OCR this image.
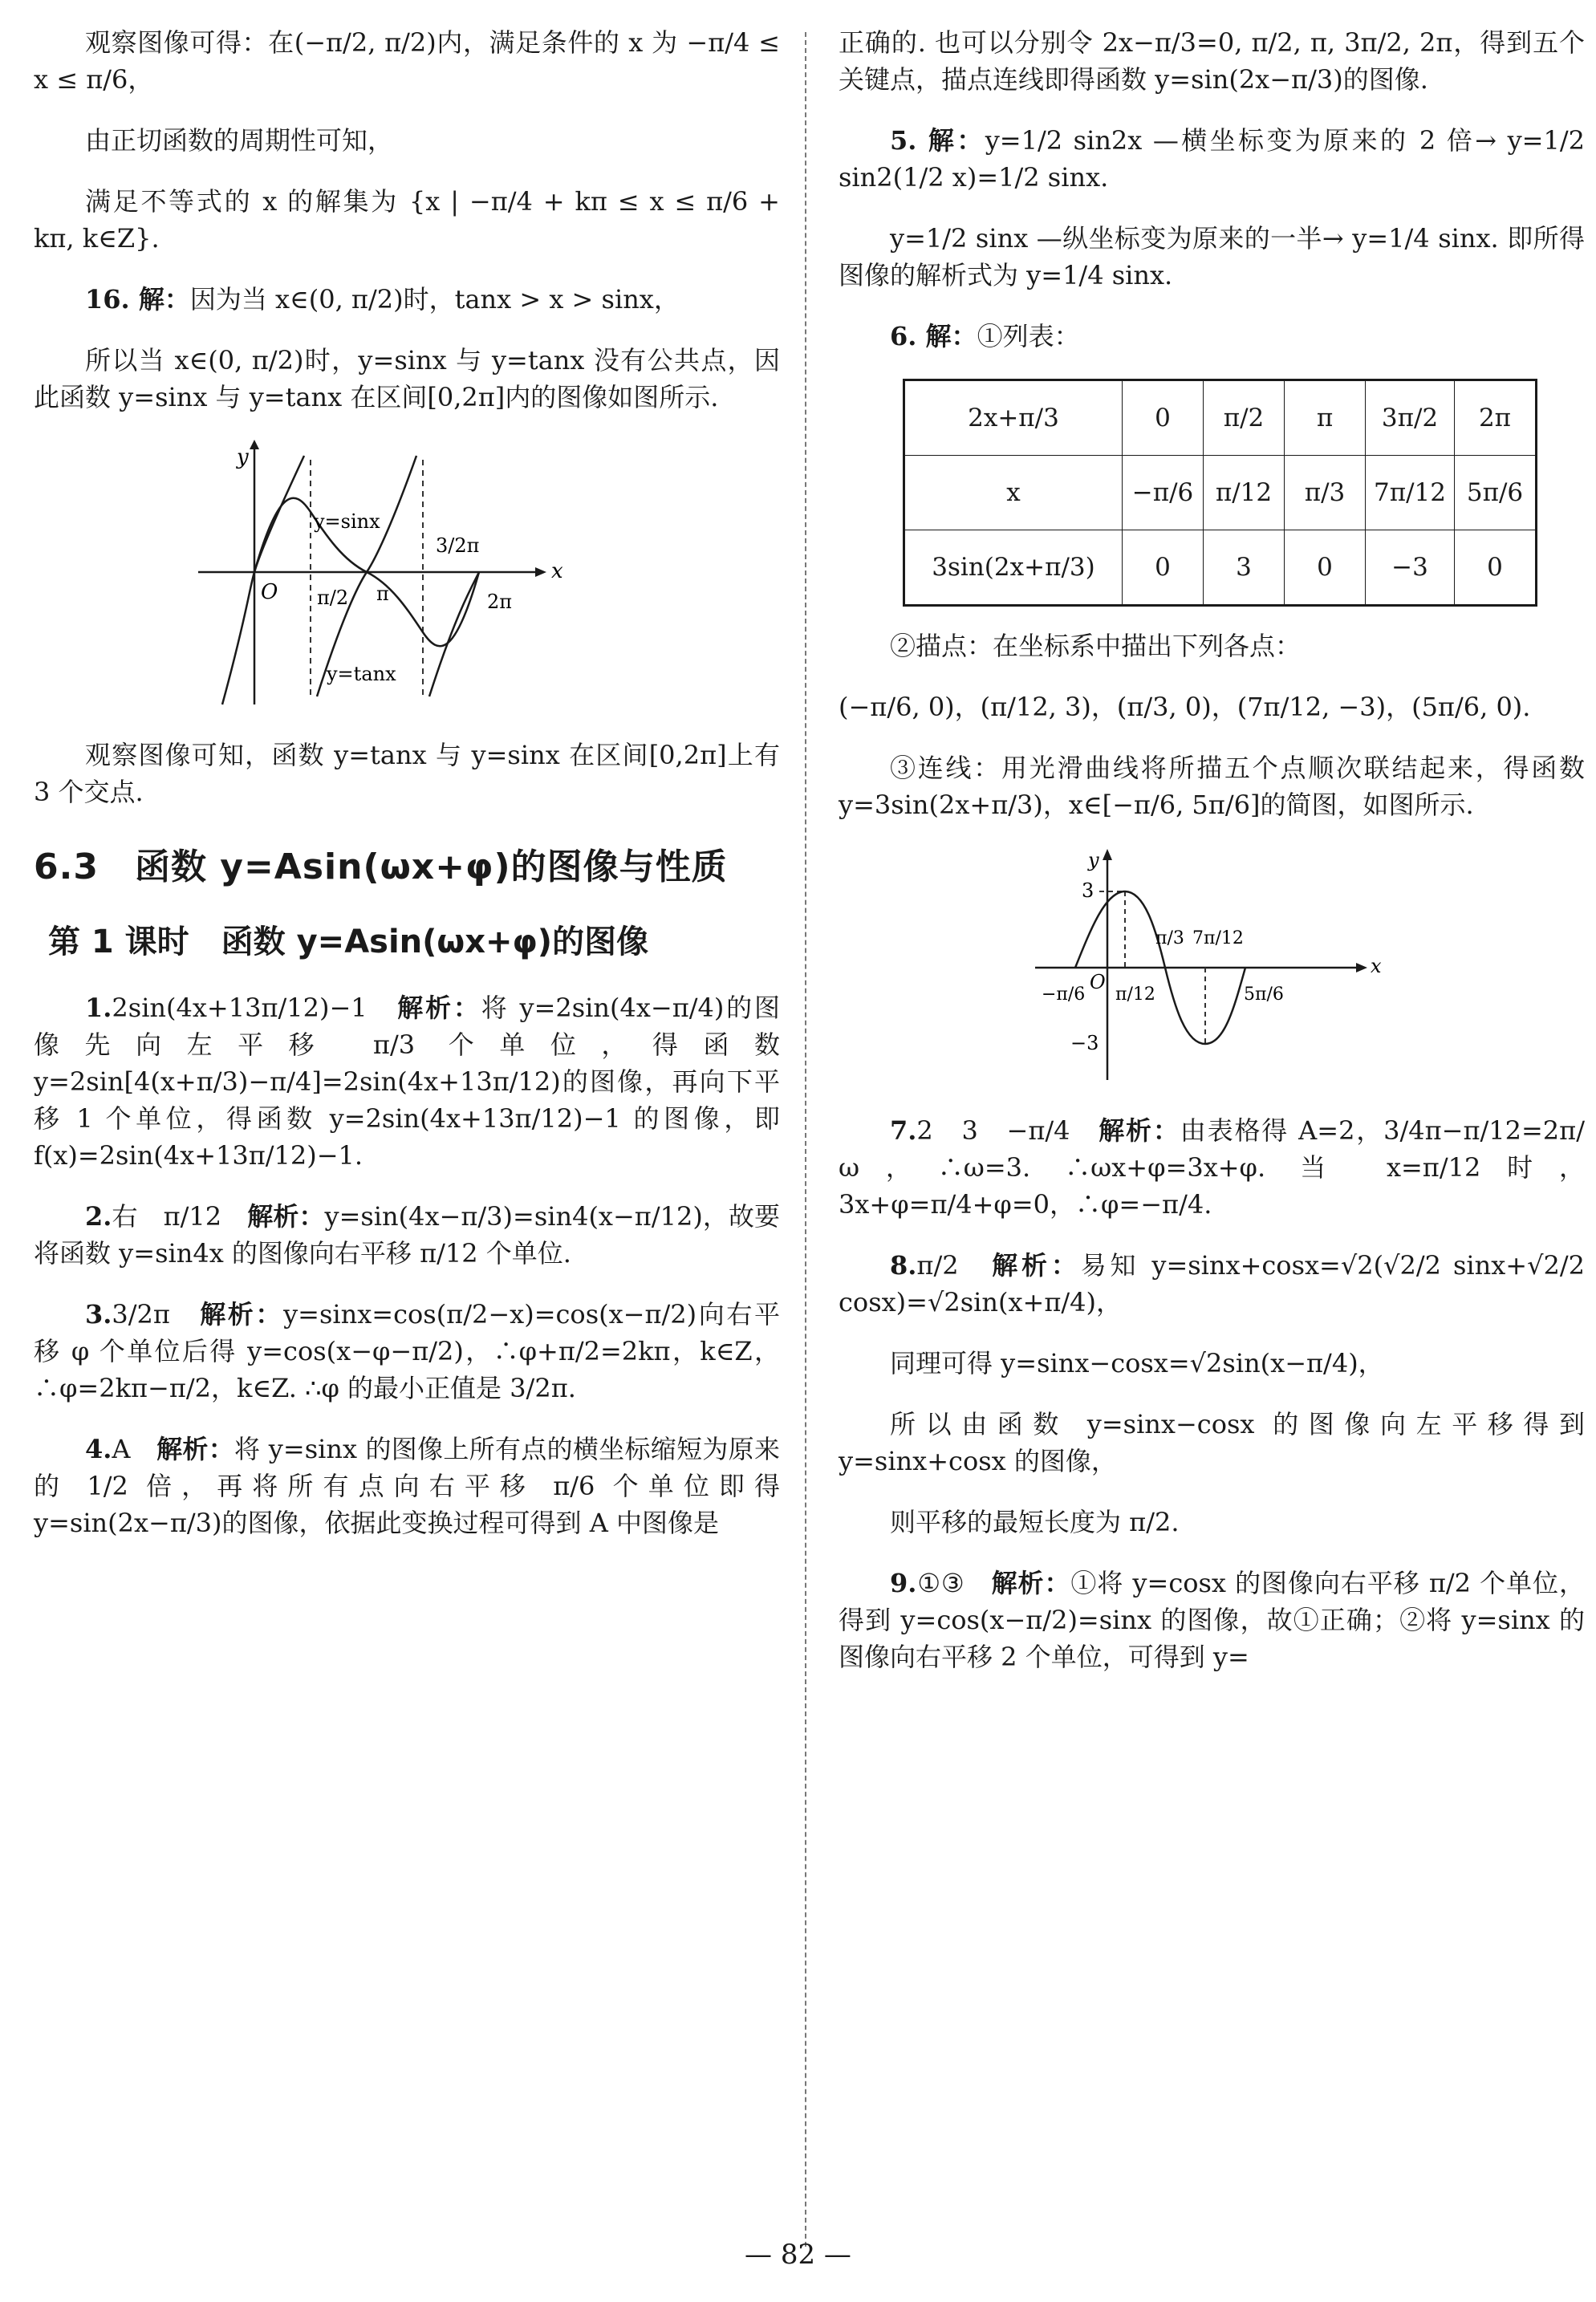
观察图像可得：在(−π/2, π/2)内，满足条件的 x 为 −π/4 ≤ x ≤ π/6，

由正切函数的周期性可知，

满足不等式的 x 的解集为 {x | −π/4 + kπ ≤ x ≤ π/6 + kπ, k∈Z}.

16. 解：因为当 x∈(0, π/2)时，tanx > x > sinx，

所以当 x∈(0, π/2)时，y=sinx 与 y=tanx 没有公共点，因此函数 y=sinx 与 y=tanx 在区间[0,2π]内的图像如图所示.

y
x
O
y=sinx
y=tanx
π/2 π
3/2π
2π

观察图像可知，函数 y=tanx 与 y=sinx 在区间[0,2π]上有 3 个交点.

6.3　函数 y=Asin(ωx+φ)的图像与性质
第 1 课时　函数 y=Asin(ωx+φ)的图像

1.2sin(4x+13π/12)−1　 解析：将 y=2sin(4x−π/4)的图像先向左平移 π/3 个单位，得函数 y=2sin[4(x+π/3)−π/4]=2sin(4x+13π/12)的图像，再向下平移 1 个单位，得函数 y=2sin(4x+13π/12)−1 的图像，即 f(x)=2sin(4x+13π/12)−1.

2.右　π/12　 解析：y=sin(4x−π/3)=sin4(x−π/12)，故要将函数 y=sin4x 的图像向右平移 π/12 个单位.

3.3/2π　 解析：y=sinx=cos(π/2−x)=cos(x−π/2)向右平移 φ 个单位后得 y=cos(x−φ−π/2)，∴φ+π/2=2kπ，k∈Z，∴φ=2kπ−π/2，k∈Z. ∴φ 的最小正值是 3/2π.

4.A　 解析：将 y=sinx 的图像上所有点的横坐标缩短为原来的 1/2 倍，再将所有点向右平移 π/6 个单位即得 y=sin(2x−π/3)的图像，依据此变换过程可得到 A 中图像是

正确的. 也可以分别令 2x−π/3=0, π/2, π, 3π/2, 2π，得到五个关键点，描点连线即得函数 y=sin(2x−π/3)的图像.

5. 解：y=1/2 sin2x —横坐标变为原来的 2 倍→ y=1/2 sin2(1/2 x)=1/2 sinx.

y=1/2 sinx —纵坐标变为原来的一半→ y=1/4 sinx. 即所得图像的解析式为 y=1/4 sinx.

6. 解：①列表：

2x+π/3	0	π/2	π	3π/2	2π
x	−π/6	π/12	π/3	7π/12	5π/6
3sin(2x+π/3)	0	3	0	−3	0

②描点：在坐标系中描出下列各点：

(−π/6, 0)，(π/12, 3)，(π/3, 0)，(7π/12, −3)，(5π/6, 0).

③连线：用光滑曲线将所描五个点顺次联结起来，得函数 y=3sin(2x+π/3)，x∈[−π/6, 5π/6]的简图，如图所示.

y
x
O
3
−3
−π/6 π/12
π/3 7π/12
5π/6

7.2　3　−π/4　 解析：由表格得 A=2，3/4π−π/12=2π/ω，∴ω=3. ∴ωx+φ=3x+φ. 当 x=π/12时，3x+φ=π/4+φ=0，∴φ=−π/4.

8.π/2　 解析：易知 y=sinx+cosx=√2(√2/2 sinx+√2/2 cosx)=√2sin(x+π/4)，

同理可得 y=sinx−cosx=√2sin(x−π/4)，

所以由函数 y=sinx−cosx 的图像向左平移得到 y=sinx+cosx 的图像，

则平移的最短长度为 π/2.

9.①③　 解析：①将 y=cosx 的图像向右平移 π/2 个单位，得到 y=cos(x−π/2)=sinx 的图像，故①正确；②将 y=sinx 的图像向右平移 2 个单位，可得到 y=

— 82 —
